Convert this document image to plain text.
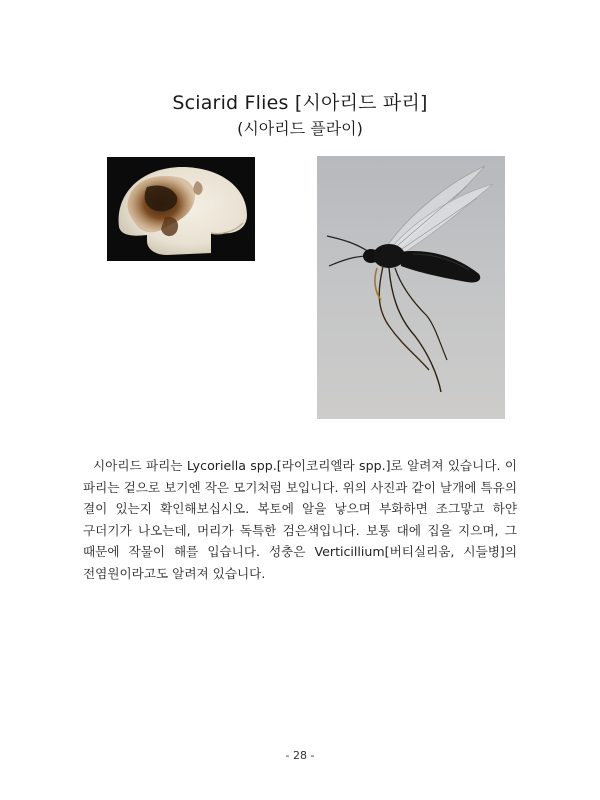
Sciarid Flies [시아리드 파리]
(시아리드 플라이)

시아리드 파리는 Lycoriella spp.[라이코리엘라 spp.]로 알려져 있습니다. 이 파리는 겉으로 보기엔 작은 모기처럼 보입니다. 위의 사진과 같이 날개에 특유의 결이 있는지 확인해보십시오. 복토에 알을 낳으며 부화하면 조그맣고 하얀 구더기가 나오는데, 머리가 독특한 검은색입니다. 보통 대에 집을 지으며, 그 때문에 작물이 해를 입습니다. 성충은 Verticillium[버티실리움, 시들병]의 전염원이라고도 알려져 있습니다.

- 28 -
